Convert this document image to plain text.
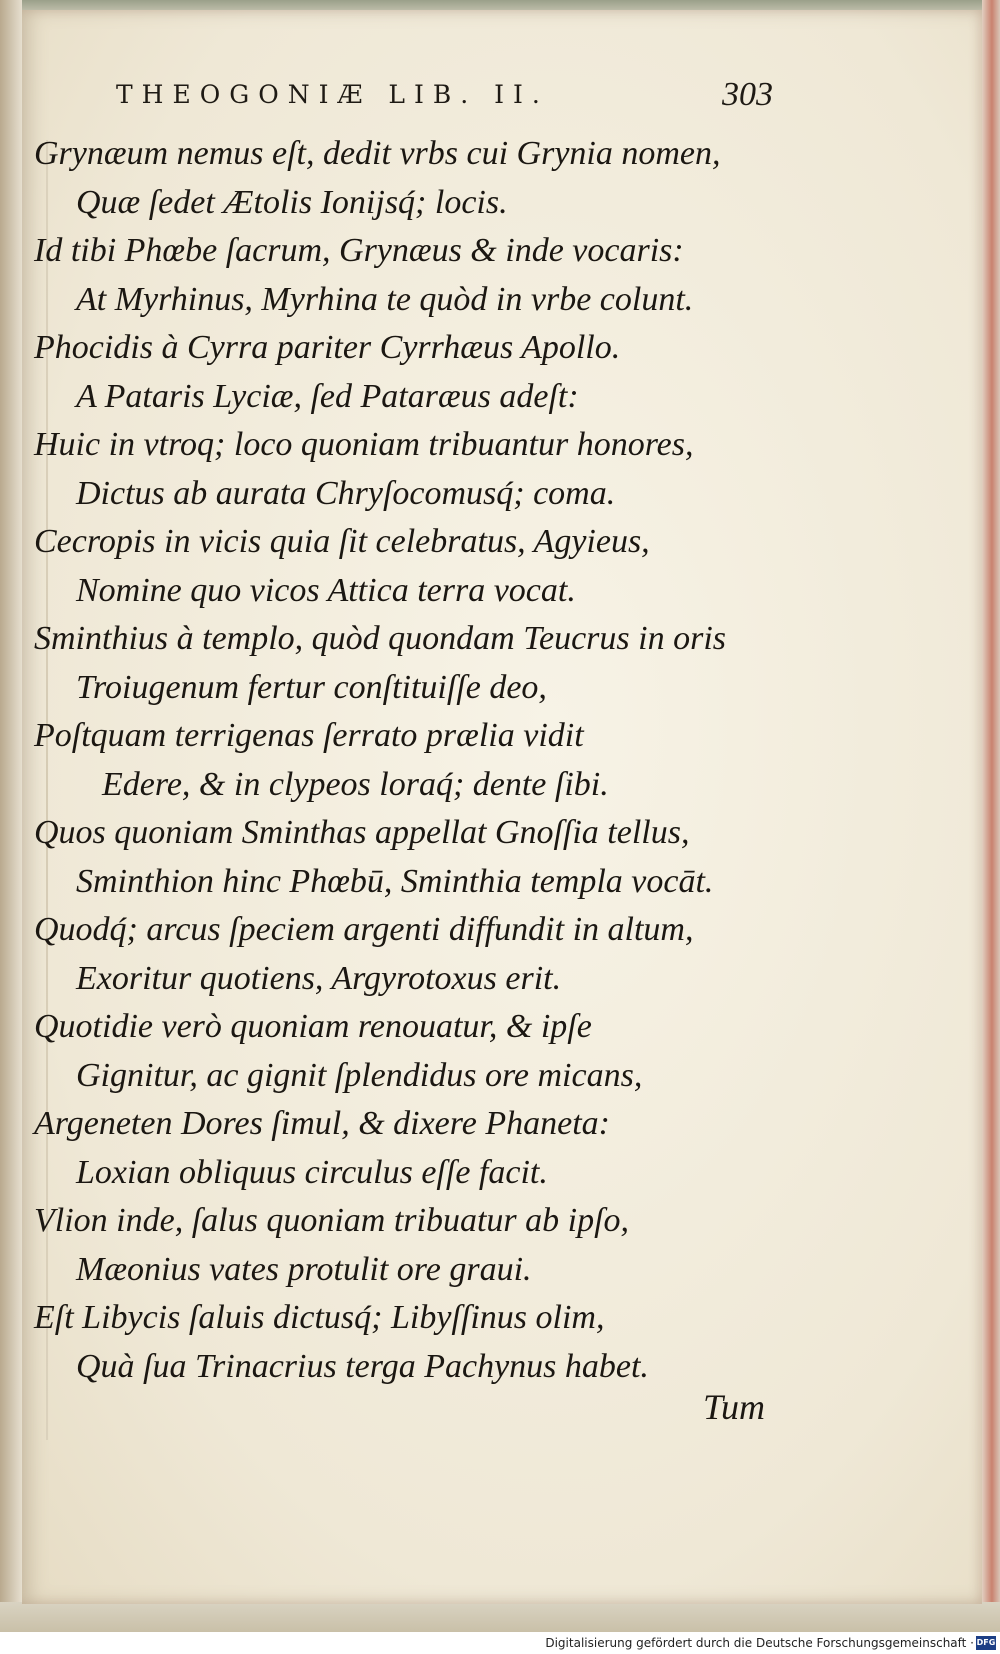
THEOGONIÆ LIB. II.	303
Grynæum nemus eſt, dedit vrbs cui Grynia nomen,
Quæ ſedet Ætolis Ionijsq́; locis.
Id tibi Phœbe ſacrum, Grynæus & inde vocaris:
At Myrhinus, Myrhina te quòd in vrbe colunt.
Phocidis à Cyrra pariter Cyrrhæus Apollo.
A Pataris Lyciæ, ſed Pataræus adeſt:
Huic in vtroq; loco quoniam tribuantur honores,
Dictus ab aurata Chryſocomusq́; coma.
Cecropis in vicis quia ſit celebratus, Agyieus,
Nomine quo vicos Attica terra vocat.
Sminthius à templo, quòd quondam Teucrus in oris
Troiugenum fertur conſtituiſſe deo,
Poſtquam terrigenas ſerrato prælia vidit
Edere, & in clypeos loraq́; dente ſibi.
Quos quoniam Sminthas appellat Gnoſſia tellus,
Sminthion hinc Phœbū, Sminthia templa vocāt.
Quodq́; arcus ſpeciem argenti diffundit in altum,
Exoritur quotiens, Argyrotoxus erit.
Quotidie verò quoniam renouatur, & ipſe
Gignitur, ac gignit ſplendidus ore micans,
Argeneten Dores ſimul, & dixere Phaneta:
Loxian obliquus circulus eſſe facit.
Vlion inde, ſalus quoniam tribuatur ab ipſo,
Mæonius vates protulit ore graui.
Eſt Libycis ſaluis dictusq́; Libyſſinus olim,
Quà ſua Trinacrius terga Pachynus habet.
Tum
Digitalisierung gefördert durch die Deutsche Forschungsgemeinschaft · DFG
